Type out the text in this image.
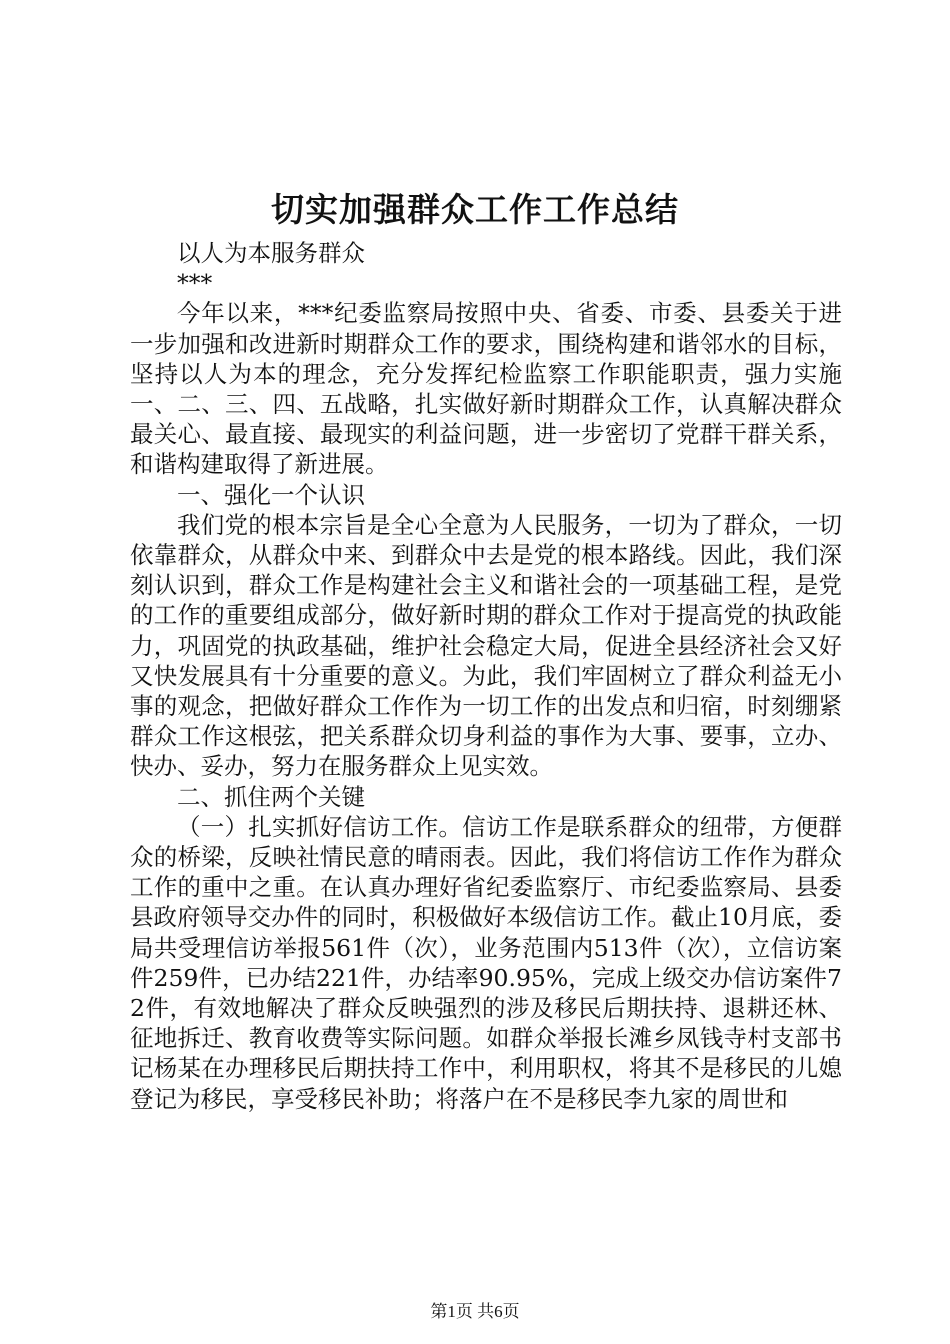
切实加强群众工作工作总结

以人为本服务群众

***

今年以来，***纪委监察局按照中央、省委、市委、县委关于进一步加强和改进新时期群众工作的要求，围绕构建和谐邻水的目标，坚持以人为本的理念，充分发挥纪检监察工作职能职责，强力实施一、二、三、四、五战略，扎实做好新时期群众工作，认真解决群众最关心、最直接、最现实的利益问题，进一步密切了党群干群关系，和谐构建取得了新进展。

一、强化一个认识

我们党的根本宗旨是全心全意为人民服务，一切为了群众，一切依靠群众，从群众中来、到群众中去是党的根本路线。因此，我们深刻认识到，群众工作是构建社会主义和谐社会的一项基础工程，是党的工作的重要组成部分，做好新时期的群众工作对于提高党的执政能力，巩固党的执政基础，维护社会稳定大局，促进全县经济社会又好又快发展具有十分重要的意义。为此，我们牢固树立了群众利益无小事的观念，把做好群众工作作为一切工作的出发点和归宿，时刻绷紧群众工作这根弦，把关系群众切身利益的事作为大事、要事，立办、快办、妥办，努力在服务群众上见实效。

二、抓住两个关键

（一）扎实抓好信访工作。信访工作是联系群众的纽带，方便群众的桥梁，反映社情民意的晴雨表。因此，我们将信访工作作为群众工作的重中之重。在认真办理好省纪委监察厅、市纪委监察局、县委县政府领导交办件的同时，积极做好本级信访工作。截止10月底，委局共受理信访举报561件（次），业务范围内513件（次），立信访案件259件，已办结221件，办结率90.95%，完成上级交办信访案件72件，有效地解决了群众反映强烈的涉及移民后期扶持、退耕还林、征地拆迁、教育收费等实际问题。如群众举报长滩乡凤钱寺村支部书记杨某在办理移民后期扶持工作中，利用职权，将其不是移民的儿媳登记为移民，享受移民补助；将落户在不是移民李九家的周世和

第1页 共6页
